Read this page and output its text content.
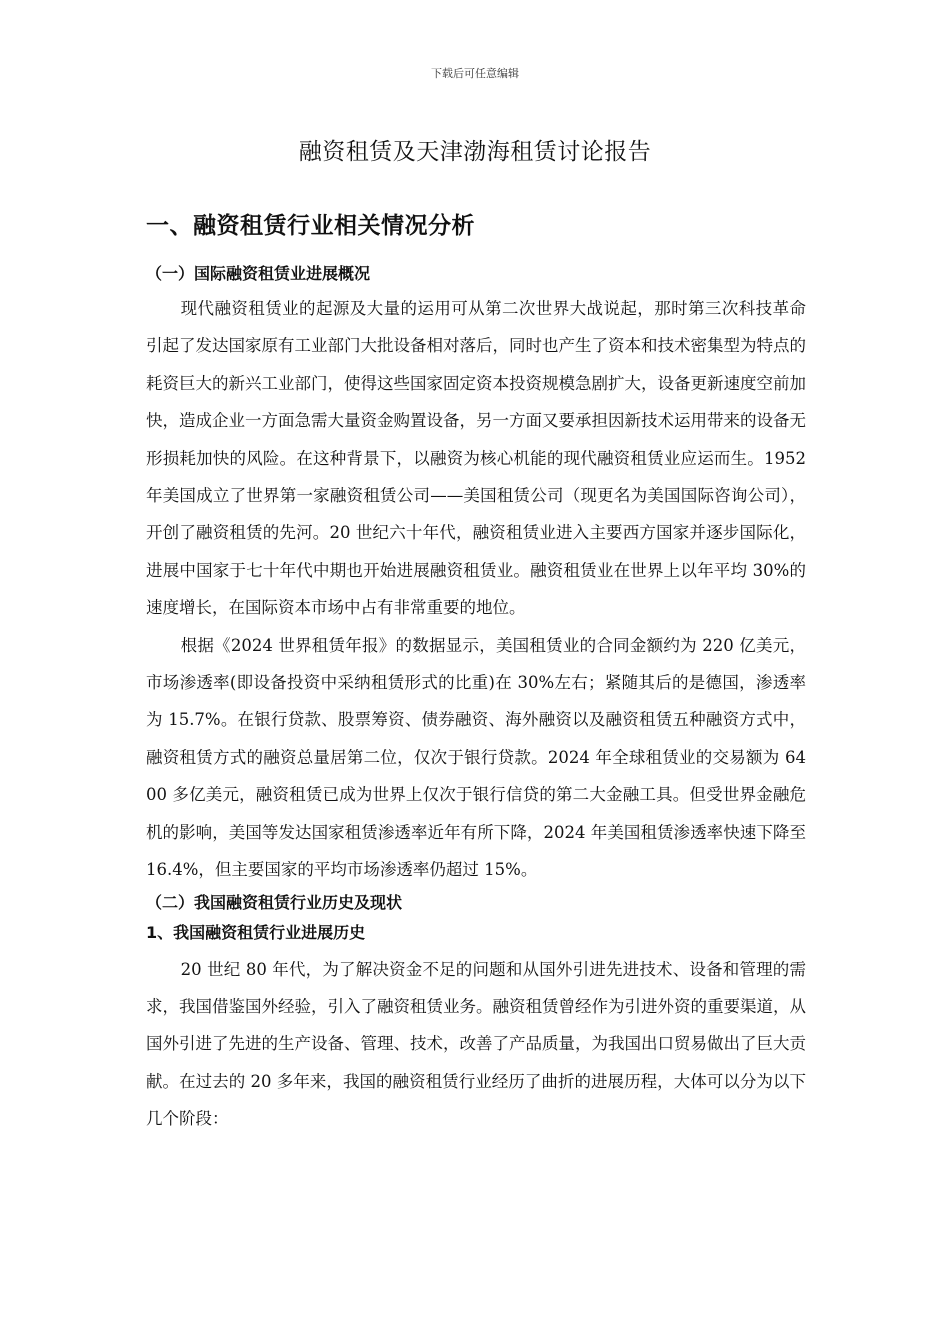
下载后可任意编辑
融资租赁及天津渤海租赁讨论报告
一、融资租赁行业相关情况分析
（一）国际融资租赁业进展概况

现代融资租赁业的起源及大量的运用可从第二次世界大战说起，那时第三次科技革命引起了发达国家原有工业部门大批设备相对落后，同时也产生了资本和技术密集型为特点的耗资巨大的新兴工业部门，使得这些国家固定资本投资规模急剧扩大，设备更新速度空前加快，造成企业一方面急需大量资金购置设备，另一方面又要承担因新技术运用带来的设备无形损耗加快的风险。在这种背景下，以融资为核心机能的现代融资租赁业应运而生。1952 年美国成立了世界第一家融资租赁公司——美国租赁公司（现更名为美国国际咨询公司），开创了融资租赁的先河。20 世纪六十年代，融资租赁业进入主要西方国家并逐步国际化，进展中国家于七十年代中期也开始进展融资租赁业。融资租赁业在世界上以年平均 30%的速度增长，在国际资本市场中占有非常重要的地位。

根据《2024 世界租赁年报》的数据显示，美国租赁业的合同金额约为 220 亿美元，市场渗透率(即设备投资中采纳租赁形式的比重)在 30%左右；紧随其后的是德国，渗透率为 15.7%。在银行贷款、股票筹资、债券融资、海外融资以及融资租赁五种融资方式中，融资租赁方式的融资总量居第二位，仅次于银行贷款。2024 年全球租赁业的交易额为 6400 多亿美元，融资租赁已成为世界上仅次于银行信贷的第二大金融工具。但受世界金融危机的影响，美国等发达国家租赁渗透率近年有所下降，2024 年美国租赁渗透率快速下降至 16.4%，但主要国家的平均市场渗透率仍超过 15%。

（二）我国融资租赁行业历史及现状
1、我国融资租赁行业进展历史

20 世纪 80 年代，为了解决资金不足的问题和从国外引进先进技术、设备和管理的需求，我国借鉴国外经验，引入了融资租赁业务。融资租赁曾经作为引进外资的重要渠道，从国外引进了先进的生产设备、管理、技术，改善了产品质量，为我国出口贸易做出了巨大贡献。在过去的 20 多年来，我国的融资租赁行业经历了曲折的进展历程，大体可以分为以下几个阶段：
